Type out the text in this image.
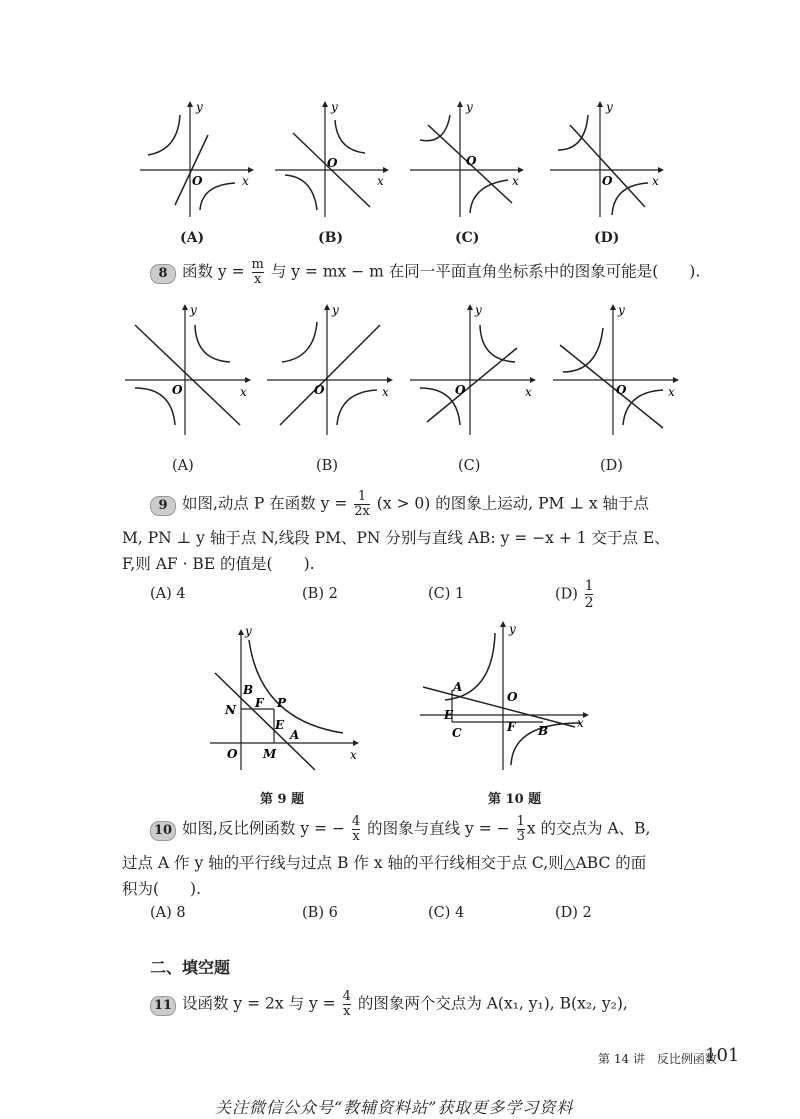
y
x
O
y
x
O
y
x
O
y
x
O
(A)	(B)	(C)	(D)
8 函数 $y = \frac{m}{x}$ 与 y = mx − m 在同一平面直角坐标系中的图象可能是(　　).
y
x
O
y
x
O
y
x
O
y
x
O
(A)	(B)	(C)	(D)
9 如图,动点 P 在函数 $y = \frac{1}{2x} (x > 0)$ 的图象上运动, PM ⊥ x 轴于点
M, PN ⊥ y 轴于点 N,线段 PM、PN 分别与直线 AB: y = −x + 1 交于点 E、
F,则 AF · BE 的值是(　　).
(A) 4	(B) 2	(C) 1	$(D) \frac{1}{2}$
y
x
B
F P
N
E
A
O M
第 9 题
y
x
A
O
E
F
C	B
第 10 题
10 如图,反比例函数 y = − $\frac{4}{x}$ 的图象与直线 y = − $\frac{1}{3}$ x 的交点为 A、B,
过点 A 作 y 轴的平行线与过点 B 作 x 轴的平行线相交于点 C,则△ABC 的面
积为(　　).
(A) 8	(B) 6	(C) 4	(D) 2
二、填空题
11 设函数 y = 2x 与 $y = \frac{4}{x}$ 的图象两个交点为 A(x₁, y₁), B(x₂, y₂),
第 14 讲　反比例函数
101
关注微信公众号“教辅资料站”获取更多学习资料
